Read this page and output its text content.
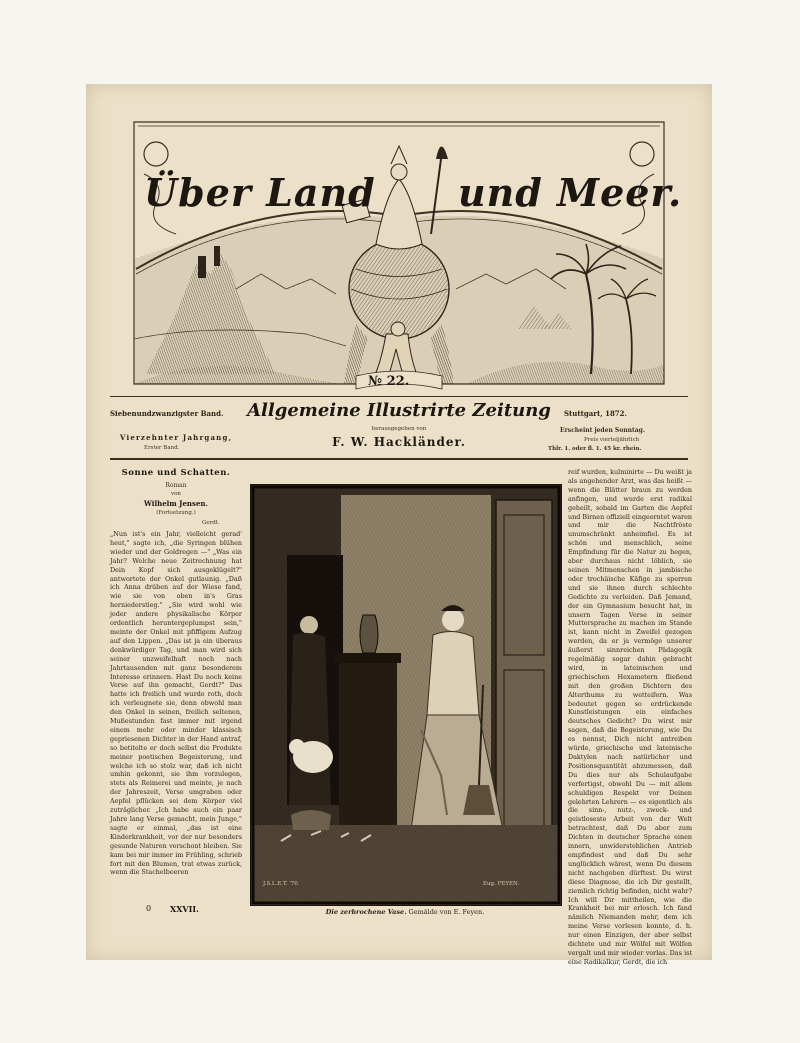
Über Land und Meer.
№ 22.
Siebenundzwanzigster Band.
Vierzehnter Jahrgang,
Erster Band.
Allgemeine Illustrirte Zeitung
herausgegeben von
F. W. Hackländer.
Stuttgart, 1872.
Erscheint jeden Sonntag.
Preis vierteljährlich
Thlr. 1. oder fl. 1. 45 kr. rhein.
Sonne und Schatten.
Roman
von
Wilhelm Jensen.
(Fortsetzung.)
Gerdt.

„Nun ist's ein Jahr, vielleicht gerad' heut," sagte ich, „die Syringen blühen wieder und der Goldregen —" „Was ein Jahr? Welche neue Zeitrechnung hat Dein Kopf sich ausgeklügelt?" antwortete der Onkel gutlaunig. „Daß ich Anna drüben auf der Wiese fand, wie sie von oben in's Gras herniederstieg." „Sie wird wohl wie jeder andere physikalische Körper ordentlich heruntergeplumpst sein," meinte der Onkel mit pfiffigem Aufzug auf den Lippen. „Das ist ja ein überaus denkwürdiger Tag, und man wird sich seiner unzweifelhaft noch nach Jahrtausenden mit ganz besonderem Interesse erinnern. Hast Du noch keine Verse auf ihn gemacht, Gerdt?" Das hatte ich freilich und wurde roth, doch ich verleugnete sie, denn obwohl man den Onkel in seinen, freilich seltenen, Mußestunden fast immer mit irgend einem mehr oder minder klassisch gepriesenen Dichter in der Hand antraf, so betitelte er doch selbst die Produkte meiner poetischen Begeisterung, und welche ich so stolz war, daß ich nicht umhin gekonnt, sie ihm vorzulegen, stets als Reimerei und meinte, je nach der Jahreszeit, Verse umgraben oder Aepfel pflücken sei dem Körper viel zuträglicher. „Ich habe auch ein paar Jahre lang Verse gemacht, mein Junge," sagte er einmal, „das ist eine Kinderkrankheit, vor der nur besonders gesunde Naturen verschont bleiben. Sie kam bei mir immer im Frühling, schrieb fort mit den Blumen, trat etwas zurück, wenn die Stachelbeeren

J.S.L.E.T. '70	Eug. FEYEN.
Die zerbrochene Vase. Gemälde von E. Feyen.

reif wurden, kulminirte — Du weißt ja als angehender Arzt, was das heißt — wenn die Blätter braun zu werden anfingen, und wurde erst radikal geheilt, sobald im Garten die Aepfel und Birnen offiziell eingeerntet waren und mir die Nachtfröste unumschränkt anheimfiel. Es ist schön und menschlich, seine Empfindung für die Natur zu hegen, aber durchaus nicht löblich, sie seinen Mitmenschen in jambische oder trochäische Käfige zu sperren und sie ihnen durch schlechte Gedichte zu verleiden. Daß Jemand, der ein Gymnasium besucht hat, in unsern Tagen Verse in seiner Muttersprache zu machen im Stande ist, kann nicht in Zweifel gezogen werden, da er ja vermöge unserer äußerst sinnreichen Pädagogik regelmäßig sogar dahin gebracht wird, in lateinischen und griechischen Hexametern fließend mit den großen Dichtern des Alterthums zu wetteifern. Was bedeutet gegen so erdrückende Kunstleistungen ein einfaches deutsches Gedicht? Du wirst mir sagen, daß die Begeisterung, wie Du es nennst, Dich nicht antreiben würde, griechische und lateinische Daktylen nach natürlicher und Positionsquantität abzumessen, daß Du dies nur als Schulaufgabe verfertigst, obwohl Du — mit allem schuldigen Respekt vor Deinen gelehrten Lehrern — es eigentlich als die sinn-, nutz-, zweck- und geistloseste Arbeit von der Welt betrachtest, daß Du aber zum Dichten in deutscher Sprache einen innern, unwiderstehlichen Antrieb empfindest und daß Du sehr unglücklich wärest, wenn Du diesem nicht nachgeben dürftest. Du wirst diese Diagnose, die ich Dir gestellt, ziemlich richtig befinden, nicht wahr? Ich will Dir mittheilen, wie die Krankheit bei mir erlosch. Ich fand nämlich Niemanden mehr, dem ich meine Verse vorlesen konnte, d. h. nur einen Einzigen, der aber selbst dichtete und mir Wölfel mit Wölfen vergalt und mir wieder vorlas. Das ist eine Radikalkur, Gerdt, die ich

0 XXVII.
